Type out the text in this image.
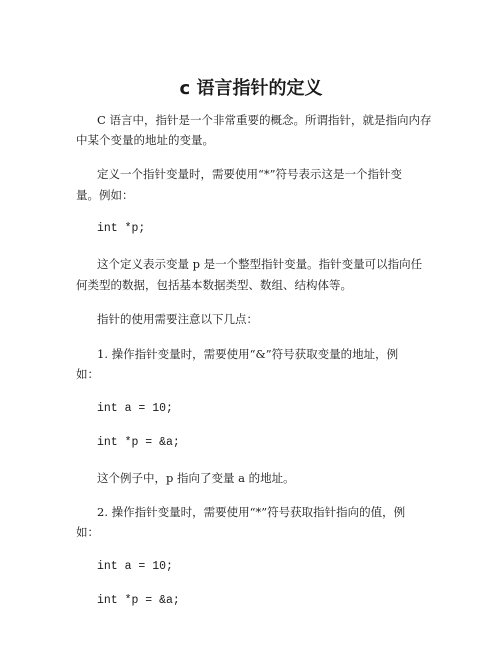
c 语言指针的定义

C 语言中，指针是一个非常重要的概念。所谓指针，就是指向内存

中某个变量的地址的变量。

定义一个指针变量时，需要使用“*”符号表示这是一个指针变

量。例如：

int *p;

这个定义表示变量 p 是一个整型指针变量。指针变量可以指向任

何类型的数据，包括基本数据类型、数组、结构体等。

指针的使用需要注意以下几点：

1. 操作指针变量时，需要使用“&”符号获取变量的地址，例

如：

int a = 10;

int *p = &a;

这个例子中，p 指向了变量 a 的地址。

2. 操作指针变量时，需要使用“*”符号获取指针指向的值，例

如：

int a = 10;

int *p = &a;
